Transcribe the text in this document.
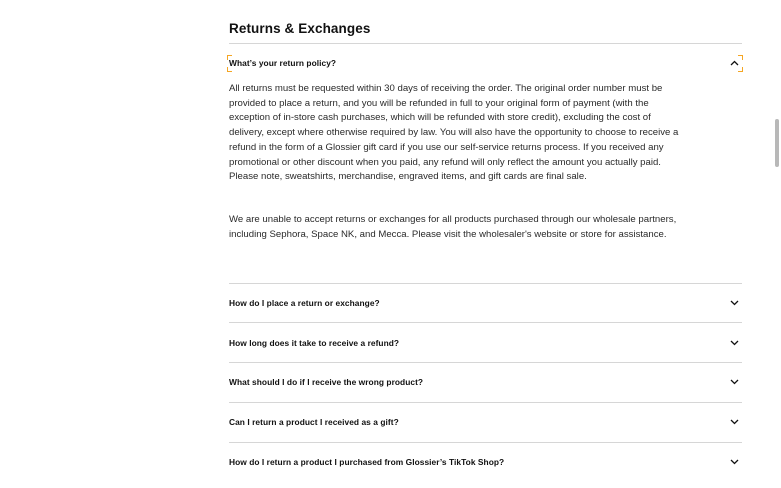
Returns & Exchanges
What’s your return policy?

All returns must be requested within 30 days of receiving the order. The original order number must be provided to place a return, and you will be refunded in full to your original form of payment (with the exception of in-store cash purchases, which will be refunded with store credit), excluding the cost of delivery, except where otherwise required by law. You will also have the opportunity to choose to receive a refund in the form of a Glossier gift card if you use our self-service returns process. If you received any promotional or other discount when you paid, any refund will only reflect the amount you actually paid. Please note, sweatshirts, merchandise, engraved items, and gift cards are final sale.

We are unable to accept returns or exchanges for all products purchased through our wholesale partners, including Sephora, Space NK, and Mecca. Please visit the wholesaler's website or store for assistance.

How do I place a return or exchange?
How long does it take to receive a refund?
What should I do if I receive the wrong product?
Can I return a product I received as a gift?
How do I return a product I purchased from Glossier’s TikTok Shop?
